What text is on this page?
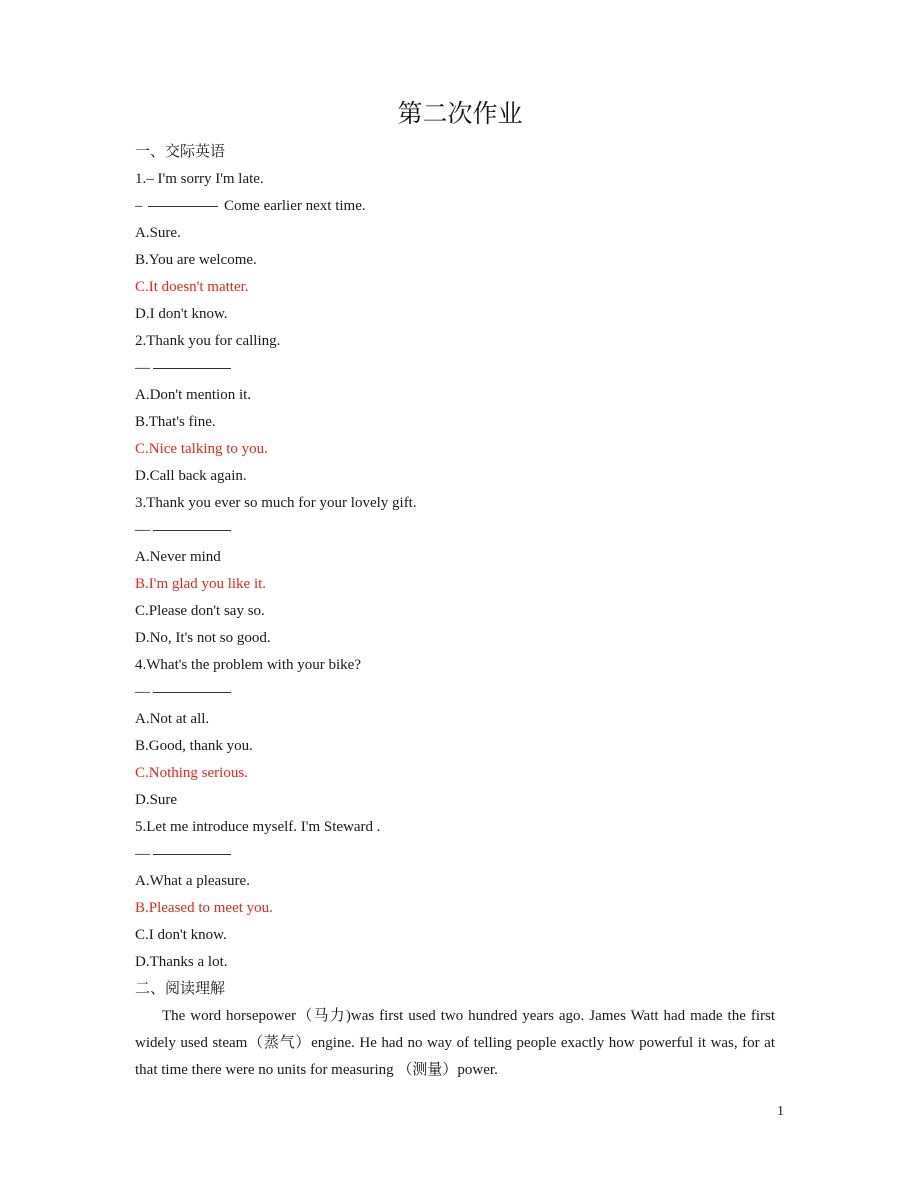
第二次作业
一、交际英语
1.– I'm sorry I'm late.
–	Come earlier next time.
A.Sure.
B.You are welcome.
C.It doesn't matter.
D.I don't know.
2.Thank you for calling.
—
A.Don't mention it.
B.That's fine.
C.Nice talking to you.
D.Call back again.
3.Thank you ever so much for your lovely gift.
—
A.Never mind
B.I'm glad you like it.
C.Please don't say so.
D.No, It's not so good.
4.What's the problem with your bike?
—
A.Not at all.
B.Good, thank you.
C.Nothing serious.
D.Sure
5.Let me introduce myself. I'm Steward .
—
A.What a pleasure.
B.Pleased to meet you.
C.I don't know.
D.Thanks a lot.
二、阅读理解
The word horsepower（马力)was first used two hundred years ago. James Watt had made the first widely used steam（蒸气）engine. He had no way of telling people exactly how powerful it was, for at that time there were no units for measuring （测量）power.
1
